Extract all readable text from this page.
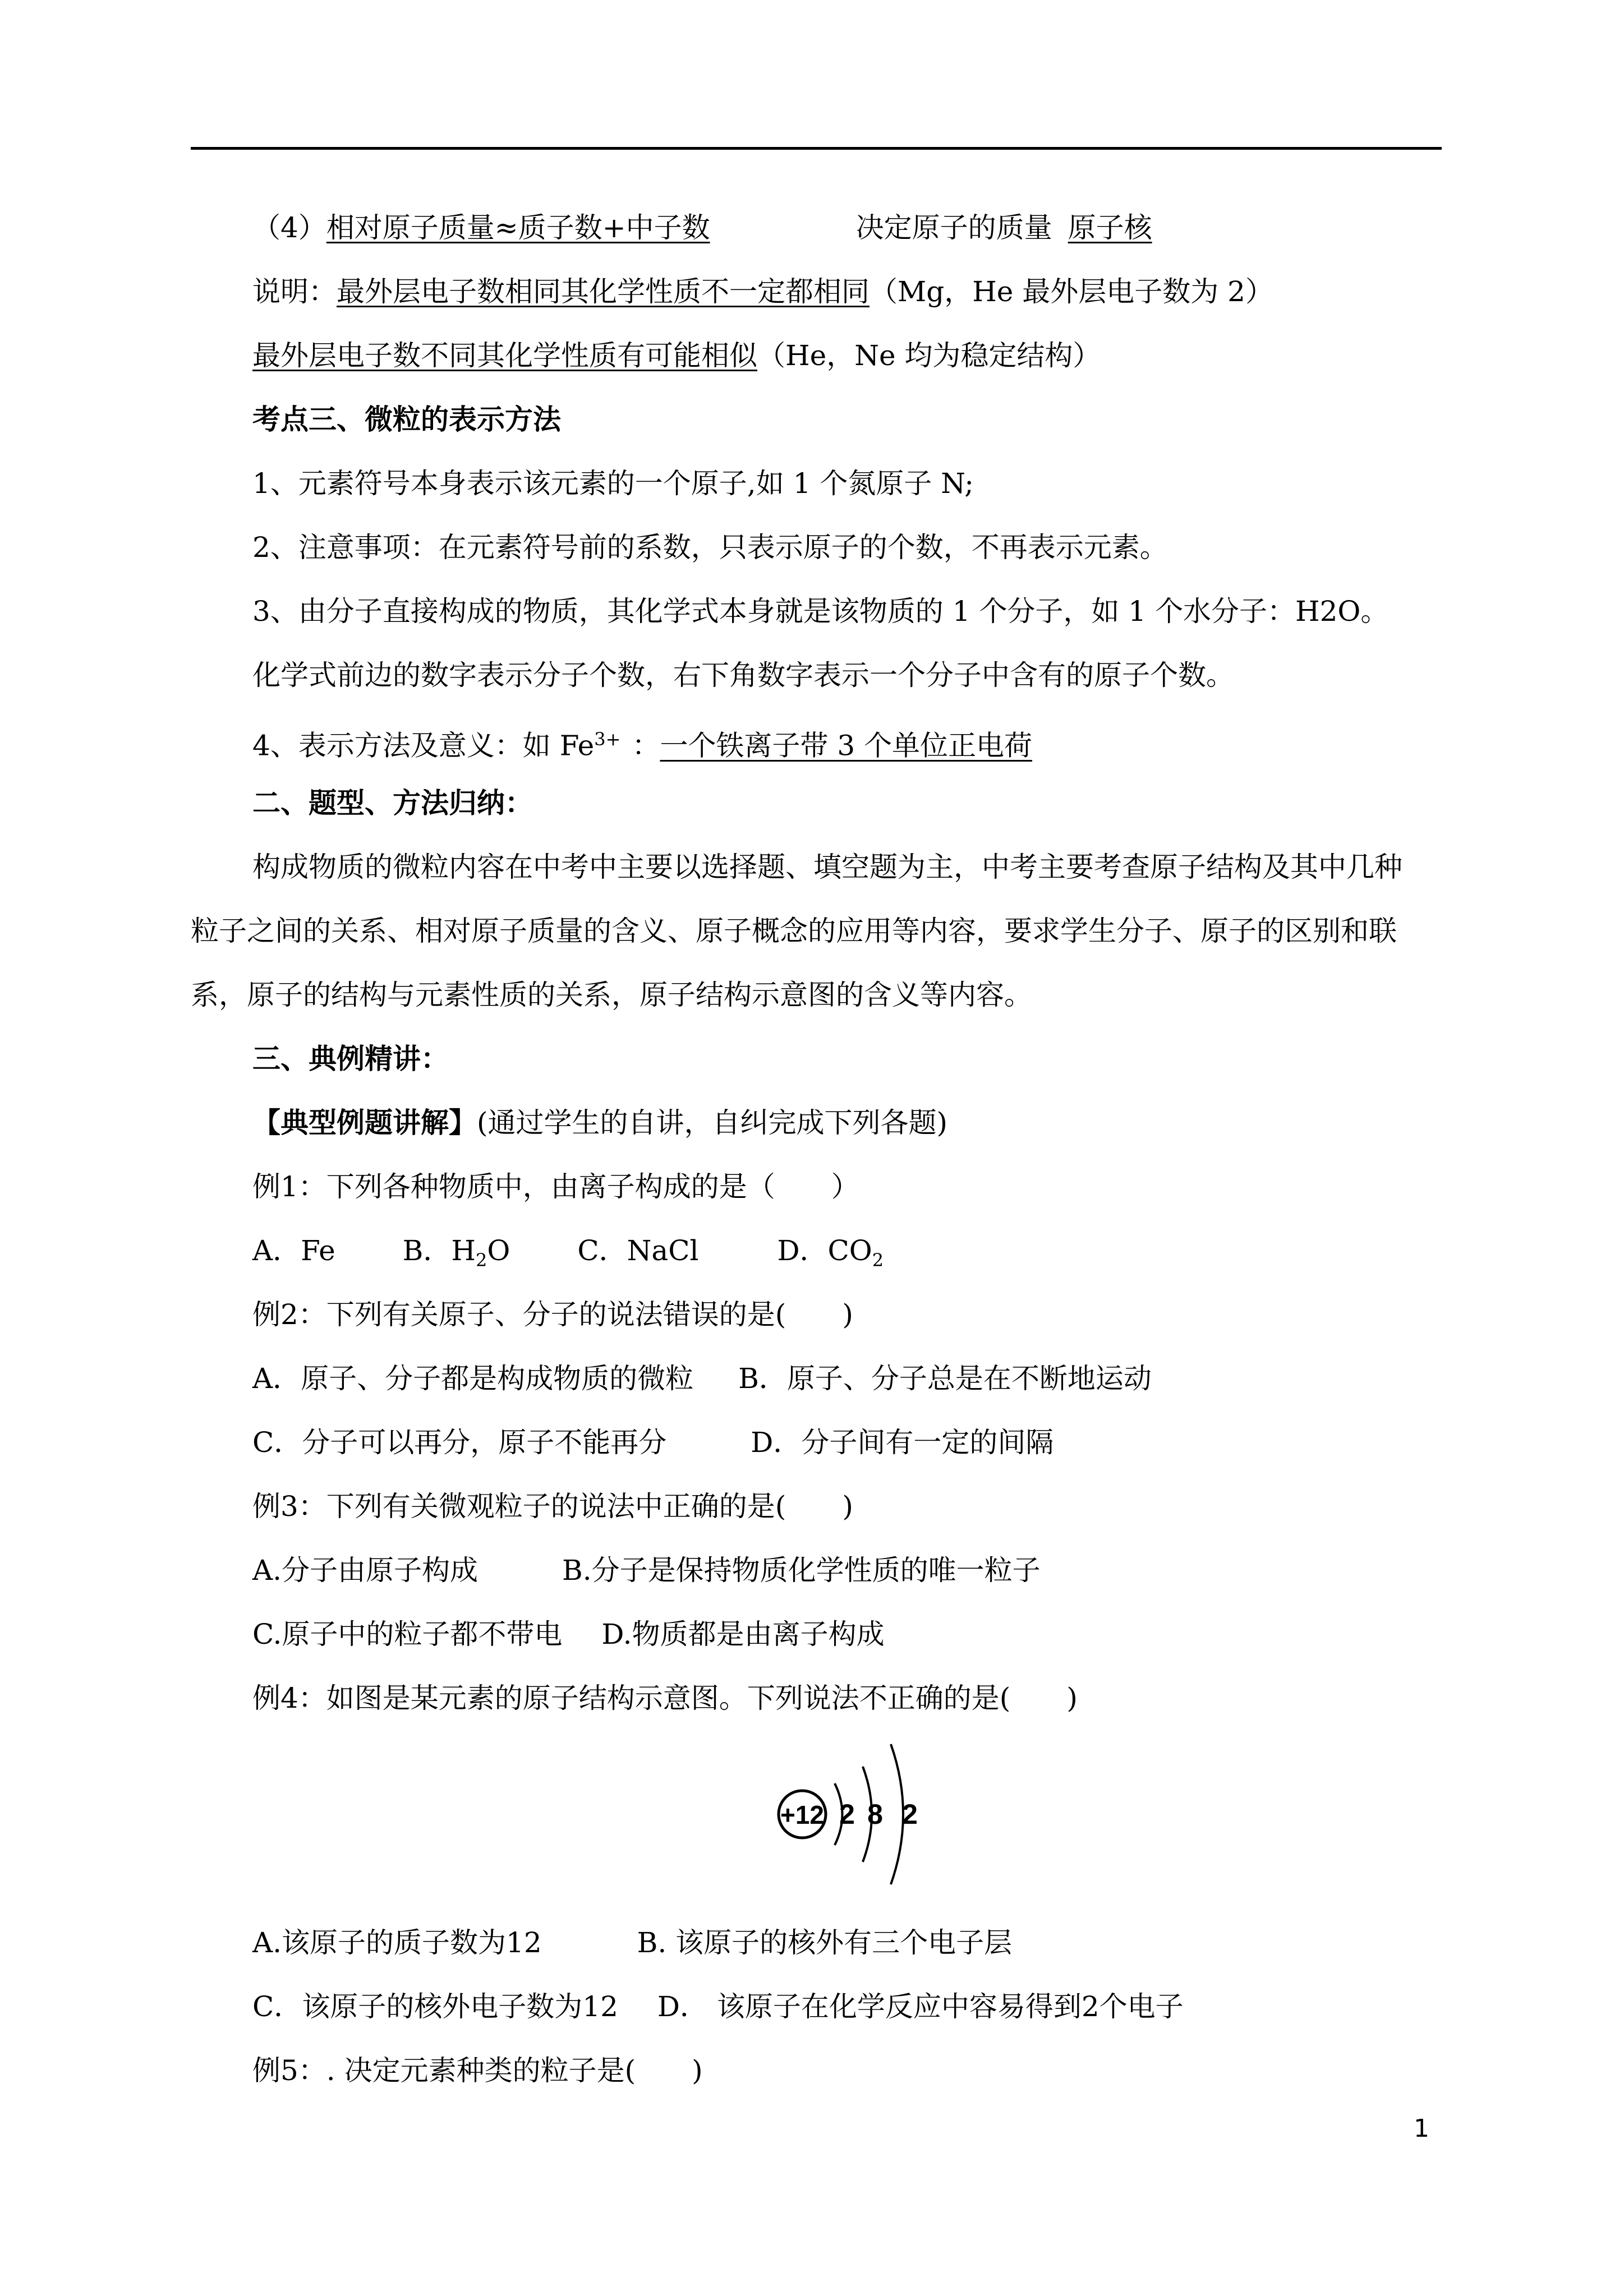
（4）相对原子质量≈质子数+中子数	决定原子的质量 原子核
说明：最外层电子数相同其化学性质不一定都相同（Mg，He 最外层电子数为 2）
最外层电子数不同其化学性质有可能相似（He，Ne 均为稳定结构）
考点三、微粒的表示方法
1、元素符号本身表示该元素的一个原子,如 1 个氮原子 N;
2、注意事项：在元素符号前的系数，只表示原子的个数，不再表示元素。
3、由分子直接构成的物质，其化学式本身就是该物质的 1 个分子，如 1 个水分子：H2O。
化学式前边的数字表示分子个数，右下角数字表示一个分子中含有的原子个数。
4、表示方法及意义：如 $Fe^{3+}$ ：一个铁离子带 3 个单位正电荷
二、题型、方法归纳：
构成物质的微粒内容在中考中主要以选择题、填空题为主，中考主要考查原子结构及其中几种
粒子之间的关系、相对原子质量的含义、原子概念的应用等内容，要求学生分子、原子的区别和联
系，原子的结构与元素性质的关系，原子结构示意图的含义等内容。
三、典例精讲：
【典型例题讲解】(通过学生的自讲，自纠完成下列各题)
例1：下列各种物质中，由离子构成的是（　　）
A．Fe B．$H_2O$ C．NaCl	D．$CO_2$
例2：下列有关原子、分子的说法错误的是(　　)
A．原子、分子都是构成物质的微粒 B．原子、分子总是在不断地运动
C．分子可以再分，原子不能再分	D．分子间有一定的间隔
例3：下列有关微观粒子的说法中正确的是(　　)
A.分子由原子构成	B.分子是保持物质化学性质的唯一粒子
C.原子中的粒子都不带电 D.物质都是由离子构成
例4：如图是某元素的原子结构示意图。下列说法不正确的是(　　)
+12 2 8 2
A.该原子的质子数为12	B. 该原子的核外有三个电子层
C．该原子的核外电子数为12 D． 该原子在化学反应中容易得到2个电子
例5：. 决定元素种类的粒子是(　　)
1
